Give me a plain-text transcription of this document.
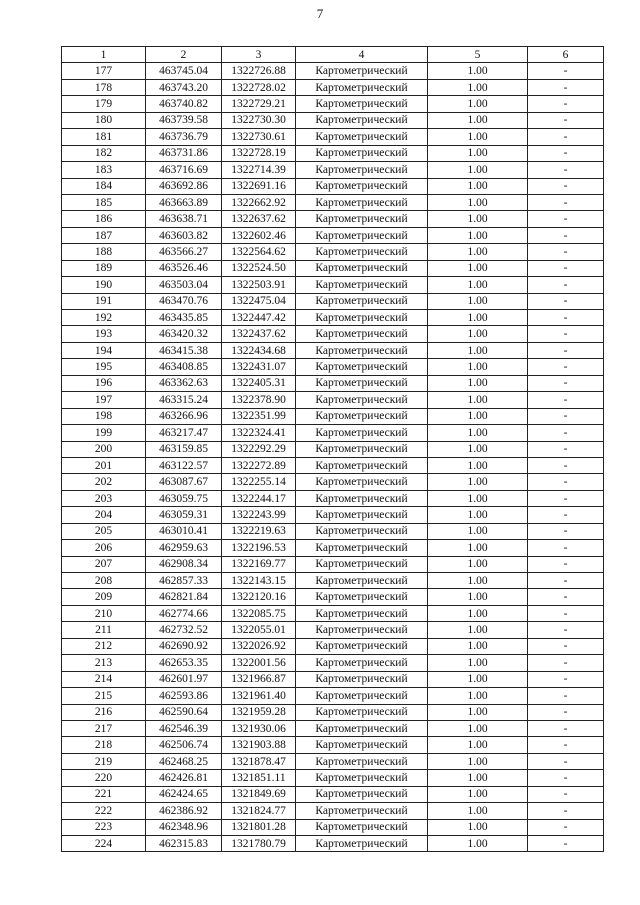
7
1	2	3	4	5	6
177	463745.04	1322726.88	Картометрический	1.00	-
178	463743.20	1322728.02	Картометрический	1.00	-
179	463740.82	1322729.21	Картометрический	1.00	-
180	463739.58	1322730.30	Картометрический	1.00	-
181	463736.79	1322730.61	Картометрический	1.00	-
182	463731.86	1322728.19	Картометрический	1.00	-
183	463716.69	1322714.39	Картометрический	1.00	-
184	463692.86	1322691.16	Картометрический	1.00	-
185	463663.89	1322662.92	Картометрический	1.00	-
186	463638.71	1322637.62	Картометрический	1.00	-
187	463603.82	1322602.46	Картометрический	1.00	-
188	463566.27	1322564.62	Картометрический	1.00	-
189	463526.46	1322524.50	Картометрический	1.00	-
190	463503.04	1322503.91	Картометрический	1.00	-
191	463470.76	1322475.04	Картометрический	1.00	-
192	463435.85	1322447.42	Картометрический	1.00	-
193	463420.32	1322437.62	Картометрический	1.00	-
194	463415.38	1322434.68	Картометрический	1.00	-
195	463408.85	1322431.07	Картометрический	1.00	-
196	463362.63	1322405.31	Картометрический	1.00	-
197	463315.24	1322378.90	Картометрический	1.00	-
198	463266.96	1322351.99	Картометрический	1.00	-
199	463217.47	1322324.41	Картометрический	1.00	-
200	463159.85	1322292.29	Картометрический	1.00	-
201	463122.57	1322272.89	Картометрический	1.00	-
202	463087.67	1322255.14	Картометрический	1.00	-
203	463059.75	1322244.17	Картометрический	1.00	-
204	463059.31	1322243.99	Картометрический	1.00	-
205	463010.41	1322219.63	Картометрический	1.00	-
206	462959.63	1322196.53	Картометрический	1.00	-
207	462908.34	1322169.77	Картометрический	1.00	-
208	462857.33	1322143.15	Картометрический	1.00	-
209	462821.84	1322120.16	Картометрический	1.00	-
210	462774.66	1322085.75	Картометрический	1.00	-
211	462732.52	1322055.01	Картометрический	1.00	-
212	462690.92	1322026.92	Картометрический	1.00	-
213	462653.35	1322001.56	Картометрический	1.00	-
214	462601.97	1321966.87	Картометрический	1.00	-
215	462593.86	1321961.40	Картометрический	1.00	-
216	462590.64	1321959.28	Картометрический	1.00	-
217	462546.39	1321930.06	Картометрический	1.00	-
218	462506.74	1321903.88	Картометрический	1.00	-
219	462468.25	1321878.47	Картометрический	1.00	-
220	462426.81	1321851.11	Картометрический	1.00	-
221	462424.65	1321849.69	Картометрический	1.00	-
222	462386.92	1321824.77	Картометрический	1.00	-
223	462348.96	1321801.28	Картометрический	1.00	-
224	462315.83	1321780.79	Картометрический	1.00	-
